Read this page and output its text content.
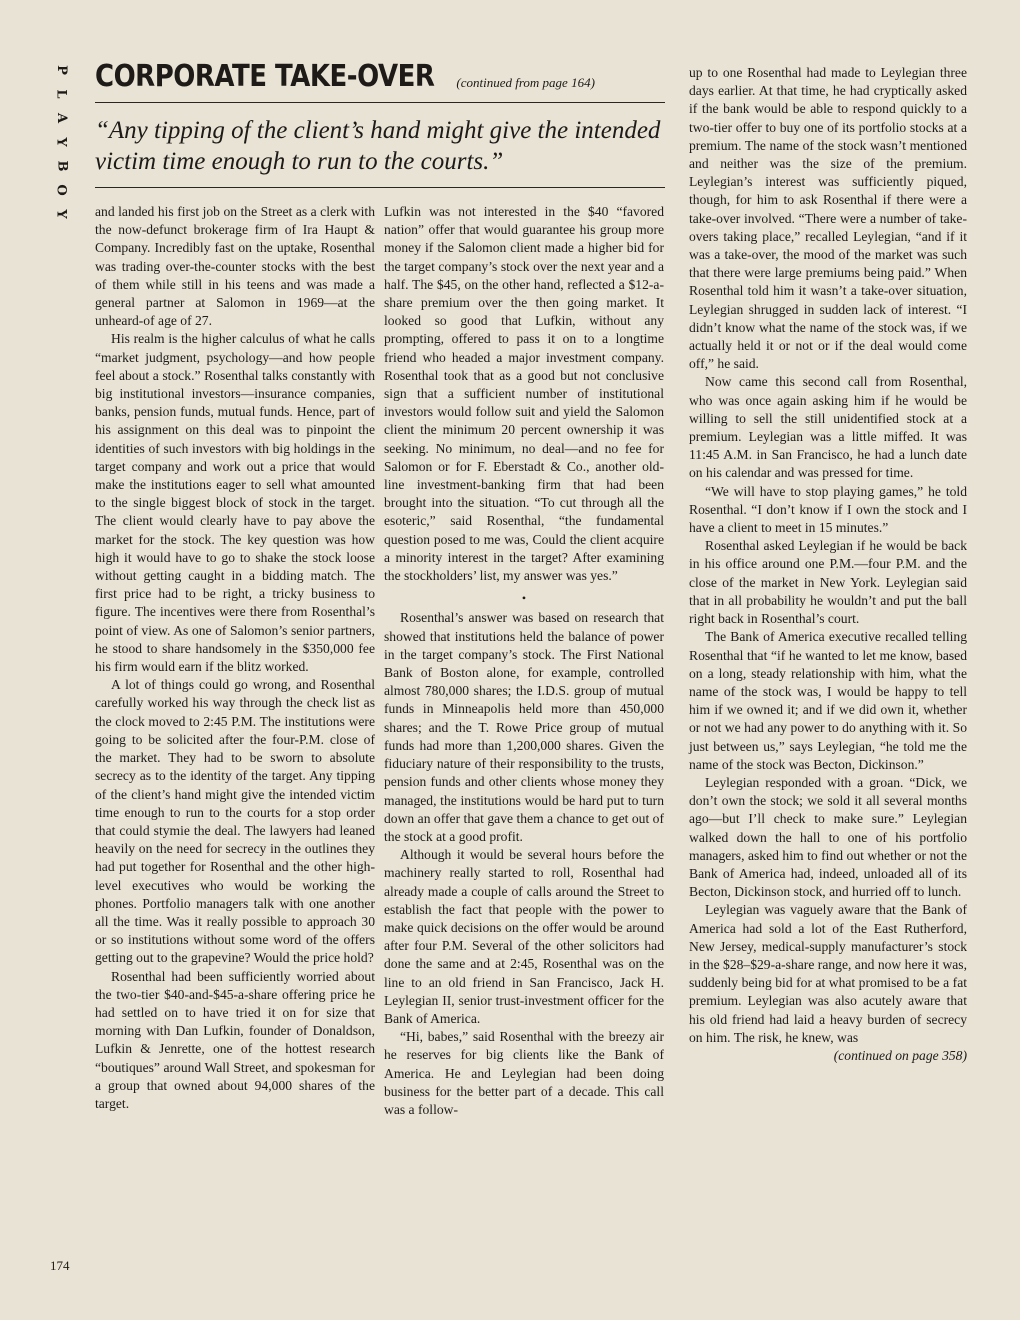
P
L
A
Y
B
O
Y
CORPORATE TAKE-OVER (continued from page 164)
“Any tipping of the client’s hand might give the intended victim time enough to run to the courts.”

and landed his first job on the Street as a clerk with the now-defunct brokerage firm of Ira Haupt & Company. Incredibly fast on the uptake, Rosenthal was trading over-the-counter stocks with the best of them while still in his teens and was made a general partner at Salomon in 1969—at the unheard-of age of 27.

His realm is the higher calculus of what he calls “market judgment, psychology—and how people feel about a stock.” Rosenthal talks constantly with big institutional investors—insurance companies, banks, pension funds, mutual funds. Hence, part of his assignment on this deal was to pinpoint the identities of such investors with big holdings in the target company and work out a price that would make the institutions eager to sell what amounted to the single biggest block of stock in the target. The client would clearly have to pay above the market for the stock. The key question was how high it would have to go to shake the stock loose without getting caught in a bidding match. The first price had to be right, a tricky business to figure. The incentives were there from Rosenthal’s point of view. As one of Salomon’s senior partners, he stood to share handsomely in the $350,000 fee his firm would earn if the blitz worked.

A lot of things could go wrong, and Rosenthal carefully worked his way through the check list as the clock moved to 2:45 P.M. The institutions were going to be solicited after the four-P.M. close of the market. They had to be sworn to absolute secrecy as to the identity of the target. Any tipping of the client’s hand might give the intended victim time enough to run to the courts for a stop order that could stymie the deal. The lawyers had leaned heavily on the need for secrecy in the outlines they had put together for Rosenthal and the other high-level executives who would be working the phones. Portfolio managers talk with one another all the time. Was it really possible to approach 30 or so institutions without some word of the offers getting out to the grapevine? Would the price hold?

Rosenthal had been sufficiently worried about the two-tier $40-and-$45-a-share offering price he had settled on to have tried it on for size that morning with Dan Lufkin, founder of Donaldson, Lufkin & Jenrette, one of the hottest research “boutiques” around Wall Street, and spokesman for a group that owned about 94,000 shares of the target.

Lufkin was not interested in the $40 “favored nation” offer that would guarantee his group more money if the Salomon client made a higher bid for the target company’s stock over the next year and a half. The $45, on the other hand, reflected a $12-a-share premium over the then going market. It looked so good that Lufkin, without any prompting, offered to pass it on to a longtime friend who headed a major investment company. Rosenthal took that as a good but not conclusive sign that a sufficient number of institutional investors would follow suit and yield the Salomon client the minimum 20 percent ownership it was seeking. No minimum, no deal—and no fee for Salomon or for F. Eberstadt & Co., another old-line investment-banking firm that had been brought into the situation. “To cut through all the esoteric,” said Rosenthal, “the fundamental question posed to me was, Could the client acquire a minority interest in the target? After examining the stockholders’ list, my answer was yes.”

•

Rosenthal’s answer was based on research that showed that institutions held the balance of power in the target company’s stock. The First National Bank of Boston alone, for example, controlled almost 780,000 shares; the I.D.S. group of mutual funds in Minneapolis held more than 450,000 shares; and the T. Rowe Price group of mutual funds had more than 1,200,000 shares. Given the fiduciary nature of their responsibility to the trusts, pension funds and other clients whose money they managed, the institutions would be hard put to turn down an offer that gave them a chance to get out of the stock at a good profit.

Although it would be several hours before the machinery really started to roll, Rosenthal had already made a couple of calls around the Street to establish the fact that people with the power to make quick decisions on the offer would be around after four P.M. Several of the other solicitors had done the same and at 2:45, Rosenthal was on the line to an old friend in San Francisco, Jack H. Leylegian II, senior trust-investment officer for the Bank of America.

“Hi, babes,” said Rosenthal with the breezy air he reserves for big clients like the Bank of America. He and Leylegian had been doing business for the better part of a decade. This call was a follow-

up to one Rosenthal had made to Leylegian three days earlier. At that time, he had cryptically asked if the bank would be able to respond quickly to a two-tier offer to buy one of its portfolio stocks at a premium. The name of the stock wasn’t mentioned and neither was the size of the premium. Leylegian’s interest was sufficiently piqued, though, for him to ask Rosenthal if there were a take-over involved. “There were a number of take-overs taking place,” recalled Leylegian, “and if it was a take-over, the mood of the market was such that there were large premiums being paid.” When Rosenthal told him it wasn’t a take-over situation, Leylegian shrugged in sudden lack of interest. “I didn’t know what the name of the stock was, if we actually held it or not or if the deal would come off,” he said.

Now came this second call from Rosenthal, who was once again asking him if he would be willing to sell the still unidentified stock at a premium. Leylegian was a little miffed. It was 11:45 A.M. in San Francisco, he had a lunch date on his calendar and was pressed for time.

“We will have to stop playing games,” he told Rosenthal. “I don’t know if I own the stock and I have a client to meet in 15 minutes.”

Rosenthal asked Leylegian if he would be back in his office around one P.M.—four P.M. and the close of the market in New York. Leylegian said that in all probability he wouldn’t and put the ball right back in Rosenthal’s court.

The Bank of America executive recalled telling Rosenthal that “if he wanted to let me know, based on a long, steady relationship with him, what the name of the stock was, I would be happy to tell him if we owned it; and if we did own it, whether or not we had any power to do anything with it. So just between us,” says Leylegian, “he told me the name of the stock was Becton, Dickinson.”

Leylegian responded with a groan. “Dick, we don’t own the stock; we sold it all several months ago—but I’ll check to make sure.” Leylegian walked down the hall to one of his portfolio managers, asked him to find out whether or not the Bank of America had, indeed, unloaded all of its Becton, Dickinson stock, and hurried off to lunch.

Leylegian was vaguely aware that the Bank of America had sold a lot of the East Rutherford, New Jersey, medical-supply manufacturer’s stock in the $28–$29-a-share range, and now here it was, suddenly being bid for at what promised to be a fat premium. Leylegian was also acutely aware that his old friend had laid a heavy burden of secrecy on him. The risk, he knew, was

(continued on page 358)
174
